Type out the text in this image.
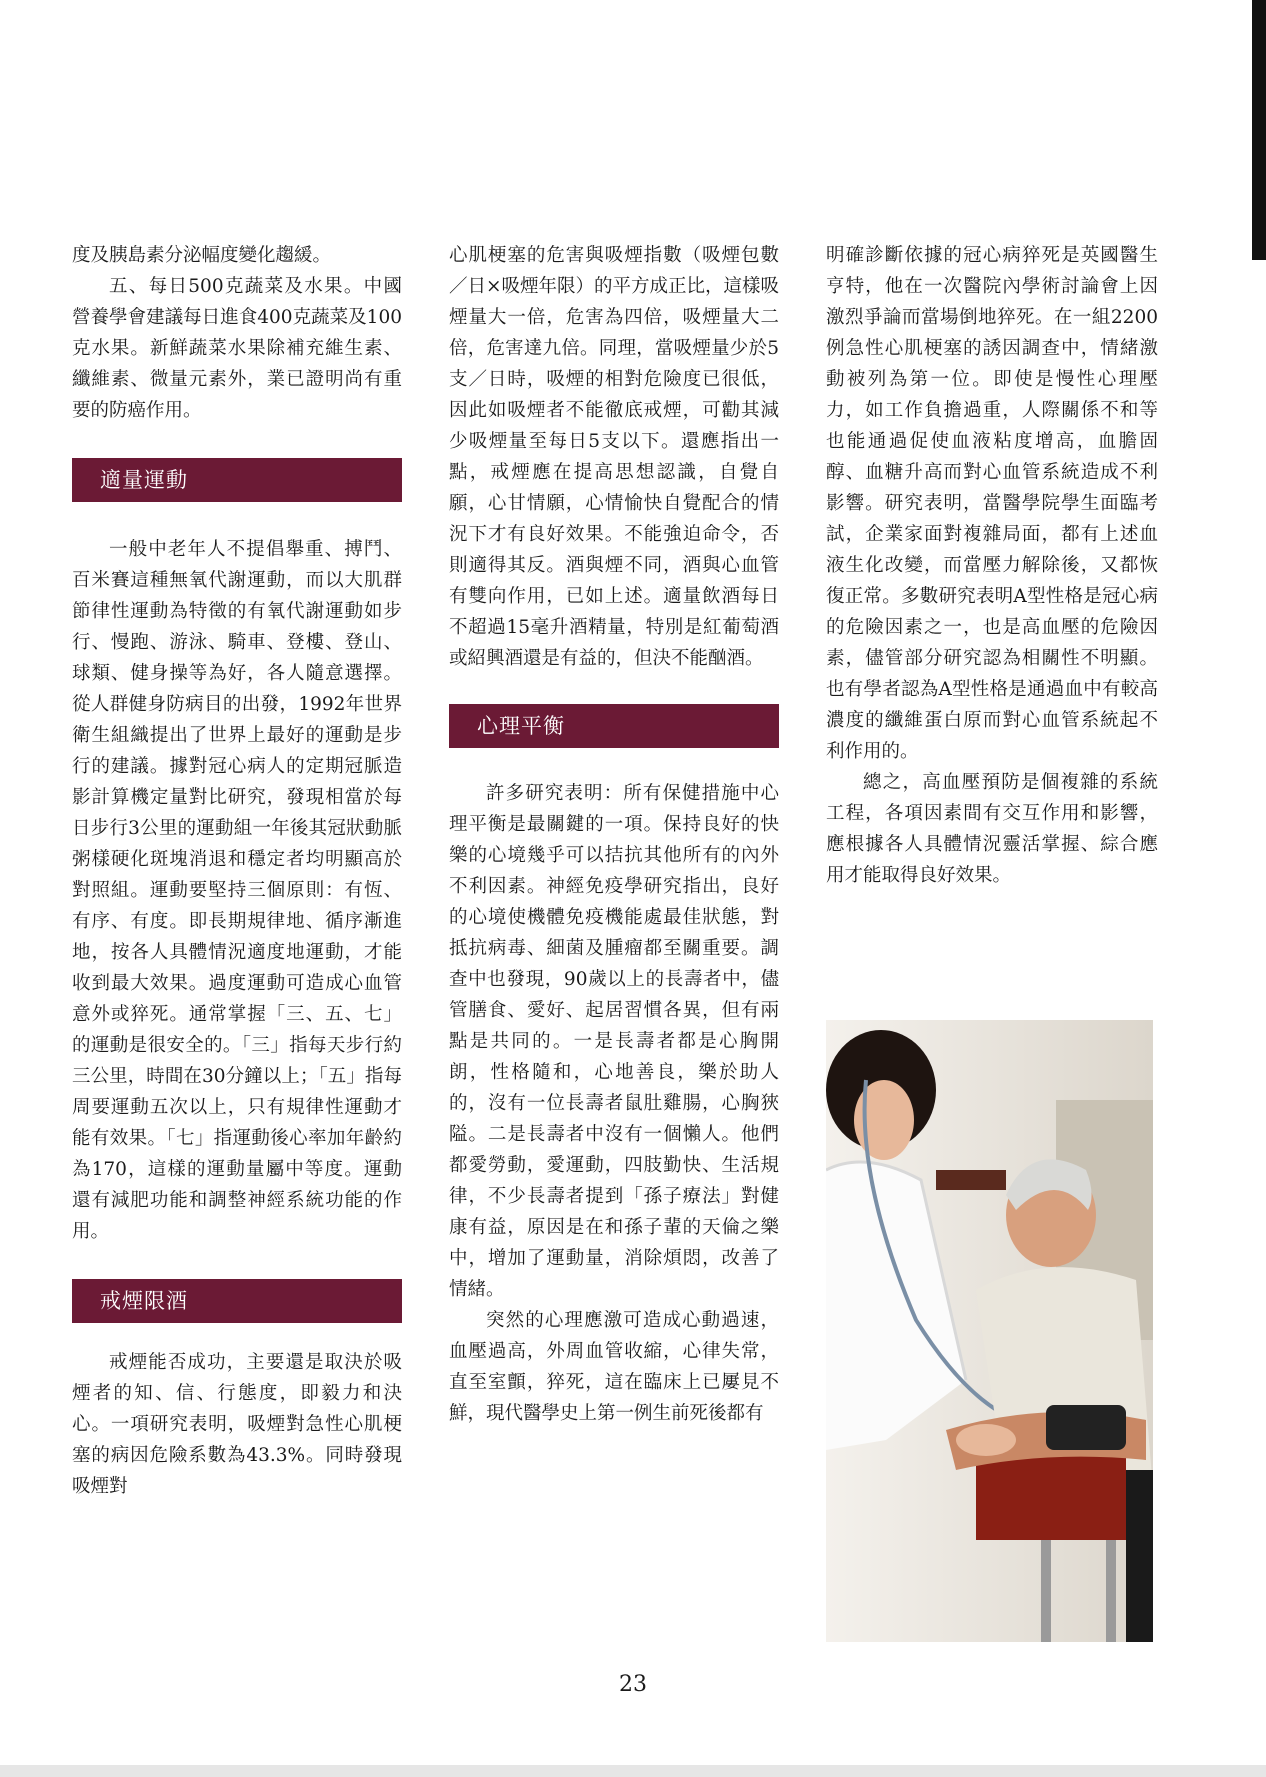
度及胰島素分泌幅度變化趨緩。

五、每日500克蔬菜及水果。中國營養學會建議每日進食400克蔬菜及100克水果。新鮮蔬菜水果除補充維生素、纖維素、微量元素外，業已證明尚有重要的防癌作用。

適量運動

一般中老年人不提倡舉重、搏鬥、百米賽這種無氧代謝運動，而以大肌群節律性運動為特徵的有氧代謝運動如步行、慢跑、游泳、騎車、登樓、登山、球類、健身操等為好，各人隨意選擇。從人群健身防病目的出發，1992年世界衛生組織提出了世界上最好的運動是步行的建議。據對冠心病人的定期冠脈造影計算機定量對比研究，發現相當於每日步行3公里的運動組一年後其冠狀動脈粥樣硬化斑塊消退和穩定者均明顯高於對照組。運動要堅持三個原則：有恆、有序、有度。即長期規律地、循序漸進地，按各人具體情況適度地運動，才能收到最大效果。過度運動可造成心血管意外或猝死。通常掌握「三、五、七」的運動是很安全的。「三」指每天步行約三公里，時間在30分鐘以上；「五」指每周要運動五次以上，只有規律性運動才能有效果。「七」指運動後心率加年齡約為170，這樣的運動量屬中等度。運動還有減肥功能和調整神經系統功能的作用。

戒煙限酒

戒煙能否成功，主要還是取決於吸煙者的知、信、行態度，即毅力和決心。一項研究表明，吸煙對急性心肌梗塞的病因危險系數為43.3%。同時發現吸煙對

心肌梗塞的危害與吸煙指數（吸煙包數／日×吸煙年限）的平方成正比，這樣吸煙量大一倍，危害為四倍，吸煙量大二倍，危害達九倍。同理，當吸煙量少於5支／日時，吸煙的相對危險度已很低，因此如吸煙者不能徹底戒煙，可勸其減少吸煙量至每日5支以下。還應指出一點，戒煙應在提高思想認識，自覺自願，心甘情願，心情愉快自覺配合的情況下才有良好效果。不能強迫命令，否則適得其反。酒與煙不同，酒與心血管有雙向作用，已如上述。適量飲酒每日不超過15毫升酒精量，特別是紅葡萄酒或紹興酒還是有益的，但決不能酗酒。

心理平衡

許多研究表明：所有保健措施中心理平衡是最關鍵的一項。保持良好的快樂的心境幾乎可以拮抗其他所有的內外不利因素。神經免疫學研究指出，良好的心境使機體免疫機能處最佳狀態，對抵抗病毒、細菌及腫瘤都至關重要。調查中也發現，90歲以上的長壽者中，儘管膳食、愛好、起居習慣各異，但有兩點是共同的。一是長壽者都是心胸開朗，性格隨和，心地善良，樂於助人的，沒有一位長壽者鼠肚雞腸，心胸狹隘。二是長壽者中沒有一個懶人。他們都愛勞動，愛運動，四肢勤快、生活規律，不少長壽者提到「孫子療法」對健康有益，原因是在和孫子輩的天倫之樂中，增加了運動量，消除煩悶，改善了情緒。

突然的心理應激可造成心動過速，血壓過高，外周血管收縮，心律失常，直至室顫，猝死，這在臨床上已屢見不鮮，現代醫學史上第一例生前死後都有

明確診斷依據的冠心病猝死是英國醫生亨特，他在一次醫院內學術討論會上因激烈爭論而當場倒地猝死。在一組2200例急性心肌梗塞的誘因調查中，情緒激動被列為第一位。即使是慢性心理壓力，如工作負擔過重，人際關係不和等也能通過促使血液粘度增高，血膽固醇、血糖升高而對心血管系統造成不利影響。研究表明，當醫學院學生面臨考試，企業家面對複雜局面，都有上述血液生化改變，而當壓力解除後，又都恢復正常。多數研究表明A型性格是冠心病的危險因素之一，也是高血壓的危險因素，儘管部分研究認為相關性不明顯。也有學者認為A型性格是通過血中有較高濃度的纖維蛋白原而對心血管系統起不利作用的。

總之，高血壓預防是個複雜的系統工程，各項因素間有交互作用和影響，應根據各人具體情況靈活掌握、綜合應用才能取得良好效果。

23
